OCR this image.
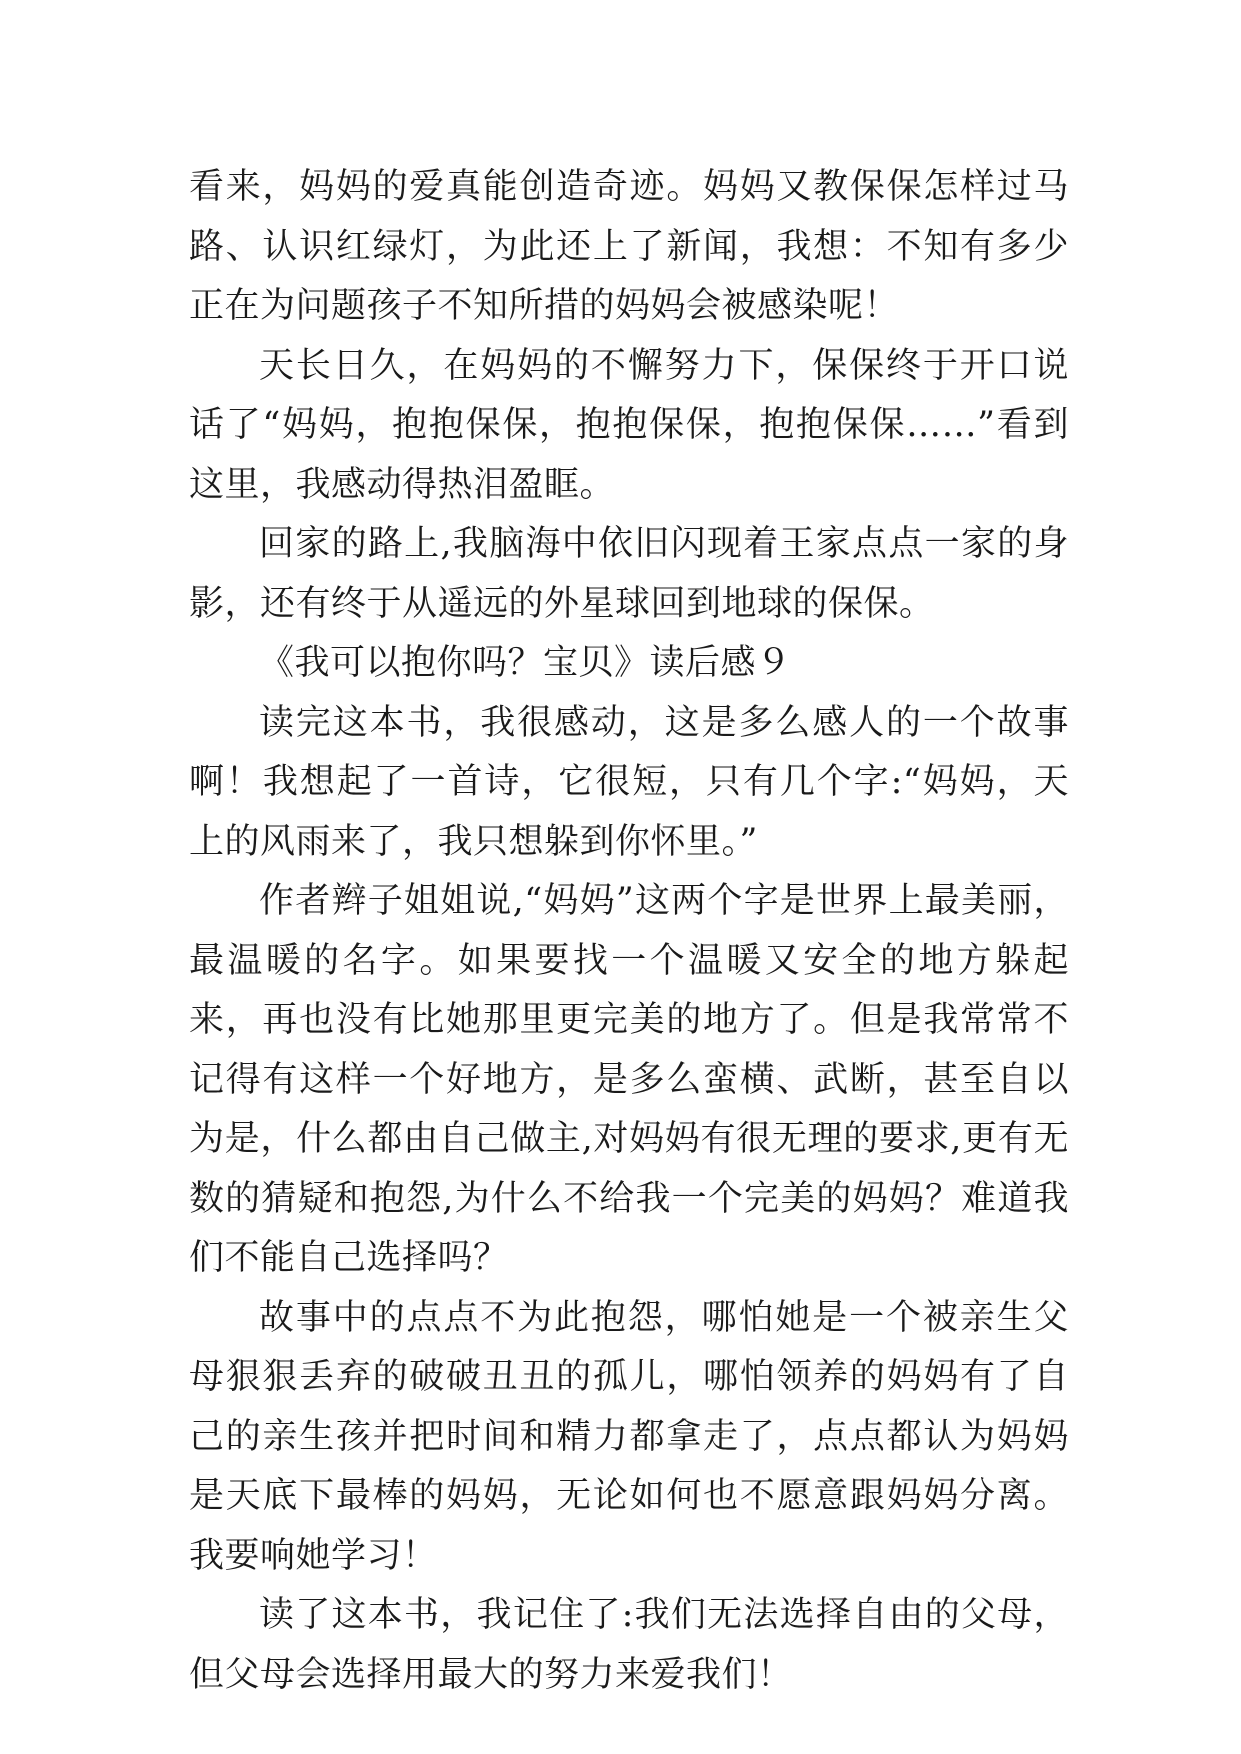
看来，妈妈的爱真能创造奇迹。妈妈又教保保怎样过马路、认识红绿灯，为此还上了新闻，我想：不知有多少正在为问题孩子不知所措的妈妈会被感染呢！

天长日久，在妈妈的不懈努力下，保保终于开口说话了“妈妈，抱抱保保，抱抱保保，抱抱保保……”看到这里，我感动得热泪盈眶。

回家的路上,我脑海中依旧闪现着王家点点一家的身影，还有终于从遥远的外星球回到地球的保保。

《我可以抱你吗？宝贝》读后感９

读完这本书，我很感动，这是多么感人的一个故事啊！我想起了一首诗，它很短，只有几个字:“妈妈，天上的风雨来了，我只想躲到你怀里。”

作者辫子姐姐说,“妈妈”这两个字是世界上最美丽，最温暖的名字。如果要找一个温暖又安全的地方躲起来，再也没有比她那里更完美的地方了。但是我常常不记得有这样一个好地方，是多么蛮横、武断，甚至自以为是，什么都由自己做主,对妈妈有很无理的要求,更有无数的猜疑和抱怨,为什么不给我一个完美的妈妈？难道我们不能自己选择吗？

故事中的点点不为此抱怨，哪怕她是一个被亲生父母狠狠丢弃的破破丑丑的孤儿，哪怕领养的妈妈有了自己的亲生孩并把时间和精力都拿走了，点点都认为妈妈是天底下最棒的妈妈，无论如何也不愿意跟妈妈分离。我要响她学习！

读了这本书，我记住了:我们无法选择自由的父母，但父母会选择用最大的努力来爱我们！
